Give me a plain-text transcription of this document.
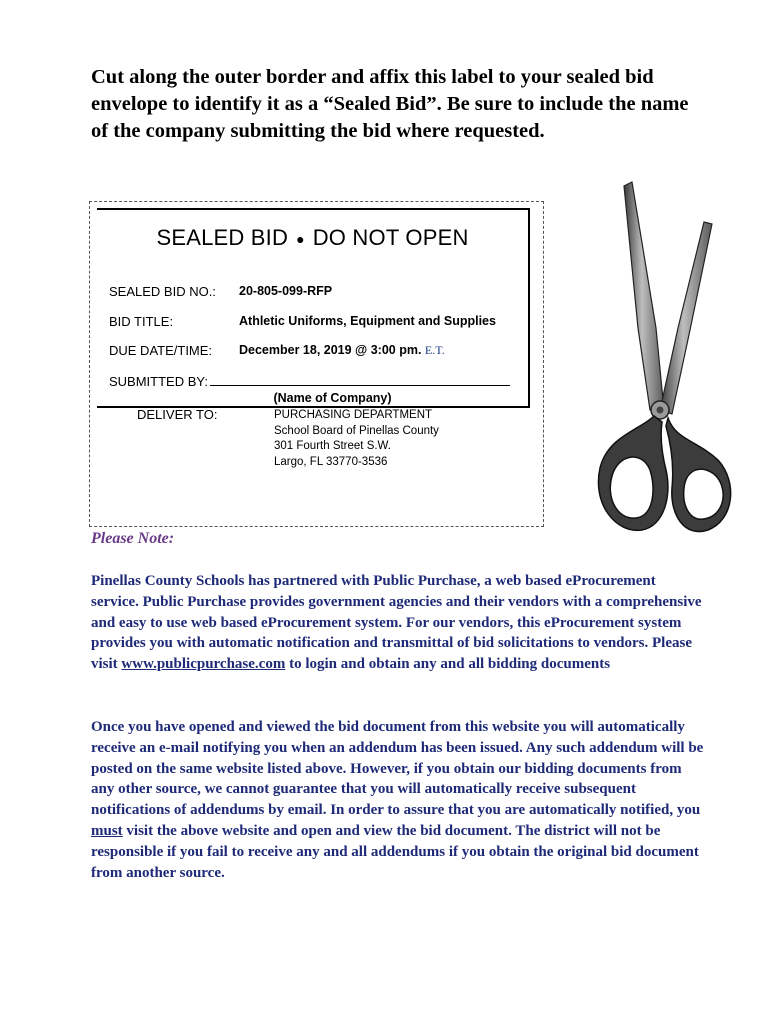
Cut along the outer border and affix this label to your sealed bid envelope to identify it as a “Sealed Bid”. Be sure to include the name of the company submitting the bid where requested.

SEALED BID ● DO NOT OPEN
SEALED BID NO.: 20-805-099-RFP
BID TITLE:	Athletic Uniforms, Equipment and Supplies
DUE DATE/TIME: December 18, 2019 @ 3:00 pm. E.T.
SUBMITTED BY:
(Name of Company)
DELIVER TO:	PURCHASING DEPARTMENT
School Board of Pinellas County
301 Fourth Street S.W.
Largo, FL 33770-3536
Please Note:

Pinellas County Schools has partnered with Public Purchase, a web based eProcurement service. Public Purchase provides government agencies and their vendors with a comprehensive and easy to use web based eProcurement system. For our vendors, this eProcurement system provides you with automatic notification and transmittal of bid solicitations to vendors. Please visit www.publicpurchase.com to login and obtain any and all bidding documents

Once you have opened and viewed the bid document from this website you will automatically receive an e-mail notifying you when an addendum has been issued. Any such addendum will be posted on the same website listed above. However, if you obtain our bidding documents from any other source, we cannot guarantee that you will automatically receive subsequent notifications of addendums by email. In order to assure that you are automatically notified, you must visit the above website and open and view the bid document. The district will not be responsible if you fail to receive any and all addendums if you obtain the original bid document from another source.
